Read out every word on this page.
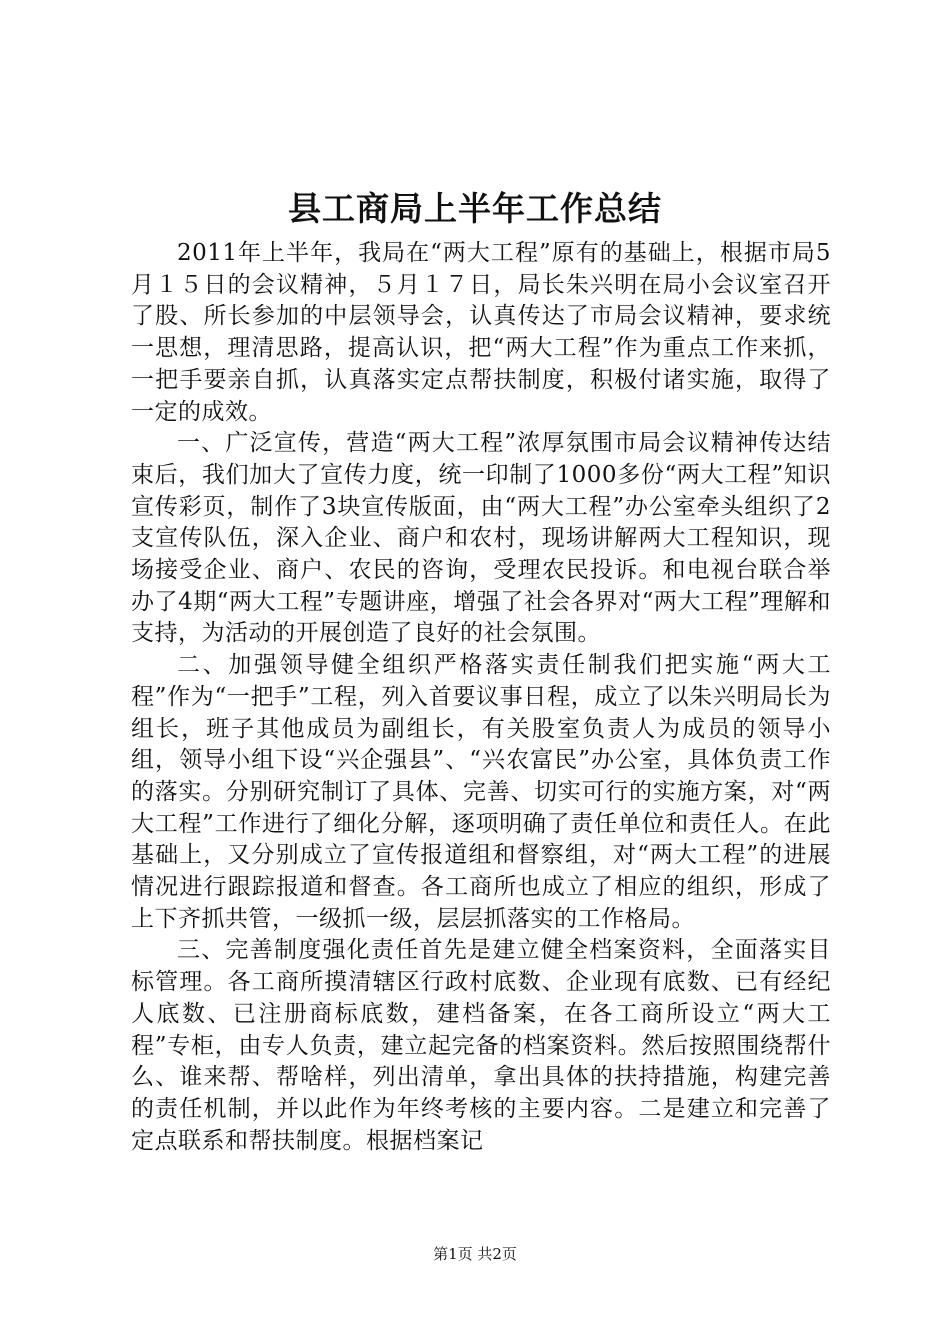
县工商局上半年工作总结

2011年上半年，我局在“两大工程”原有的基础上，根据市局5月１５日的会议精神，５月１７日，局长朱兴明在局小会议室召开了股、所长参加的中层领导会，认真传达了市局会议精神，要求统一思想，理清思路，提高认识，把“两大工程”作为重点工作来抓，一把手要亲自抓，认真落实定点帮扶制度，积极付诸实施，取得了一定的成效。

一、广泛宣传，营造“两大工程”浓厚氛围市局会议精神传达结束后，我们加大了宣传力度，统一印制了1000多份“两大工程”知识宣传彩页，制作了3块宣传版面，由“两大工程”办公室牵头组织了2支宣传队伍，深入企业、商户和农村，现场讲解两大工程知识，现场接受企业、商户、农民的咨询，受理农民投诉。和电视台联合举办了4期“两大工程”专题讲座，增强了社会各界对“两大工程”理解和支持，为活动的开展创造了良好的社会氛围。

二、加强领导健全组织严格落实责任制我们把实施“两大工程”作为“一把手”工程，列入首要议事日程，成立了以朱兴明局长为组长，班子其他成员为副组长，有关股室负责人为成员的领导小组，领导小组下设“兴企强县”、“兴农富民”办公室，具体负责工作的落实。分别研究制订了具体、完善、切实可行的实施方案，对“两大工程”工作进行了细化分解，逐项明确了责任单位和责任人。在此基础上，又分别成立了宣传报道组和督察组，对“两大工程”的进展情况进行跟踪报道和督查。各工商所也成立了相应的组织，形成了上下齐抓共管，一级抓一级，层层抓落实的工作格局。

三、完善制度强化责任首先是建立健全档案资料，全面落实目标管理。各工商所摸清辖区行政村底数、企业现有底数、已有经纪人底数、已注册商标底数，建档备案，在各工商所设立“两大工程”专柜，由专人负责，建立起完备的档案资料。然后按照围绕帮什么、谁来帮、帮啥样，列出清单，拿出具体的扶持措施，构建完善的责任机制，并以此作为年终考核的主要内容。二是建立和完善了定点联系和帮扶制度。根据档案记

第1页 共2页
